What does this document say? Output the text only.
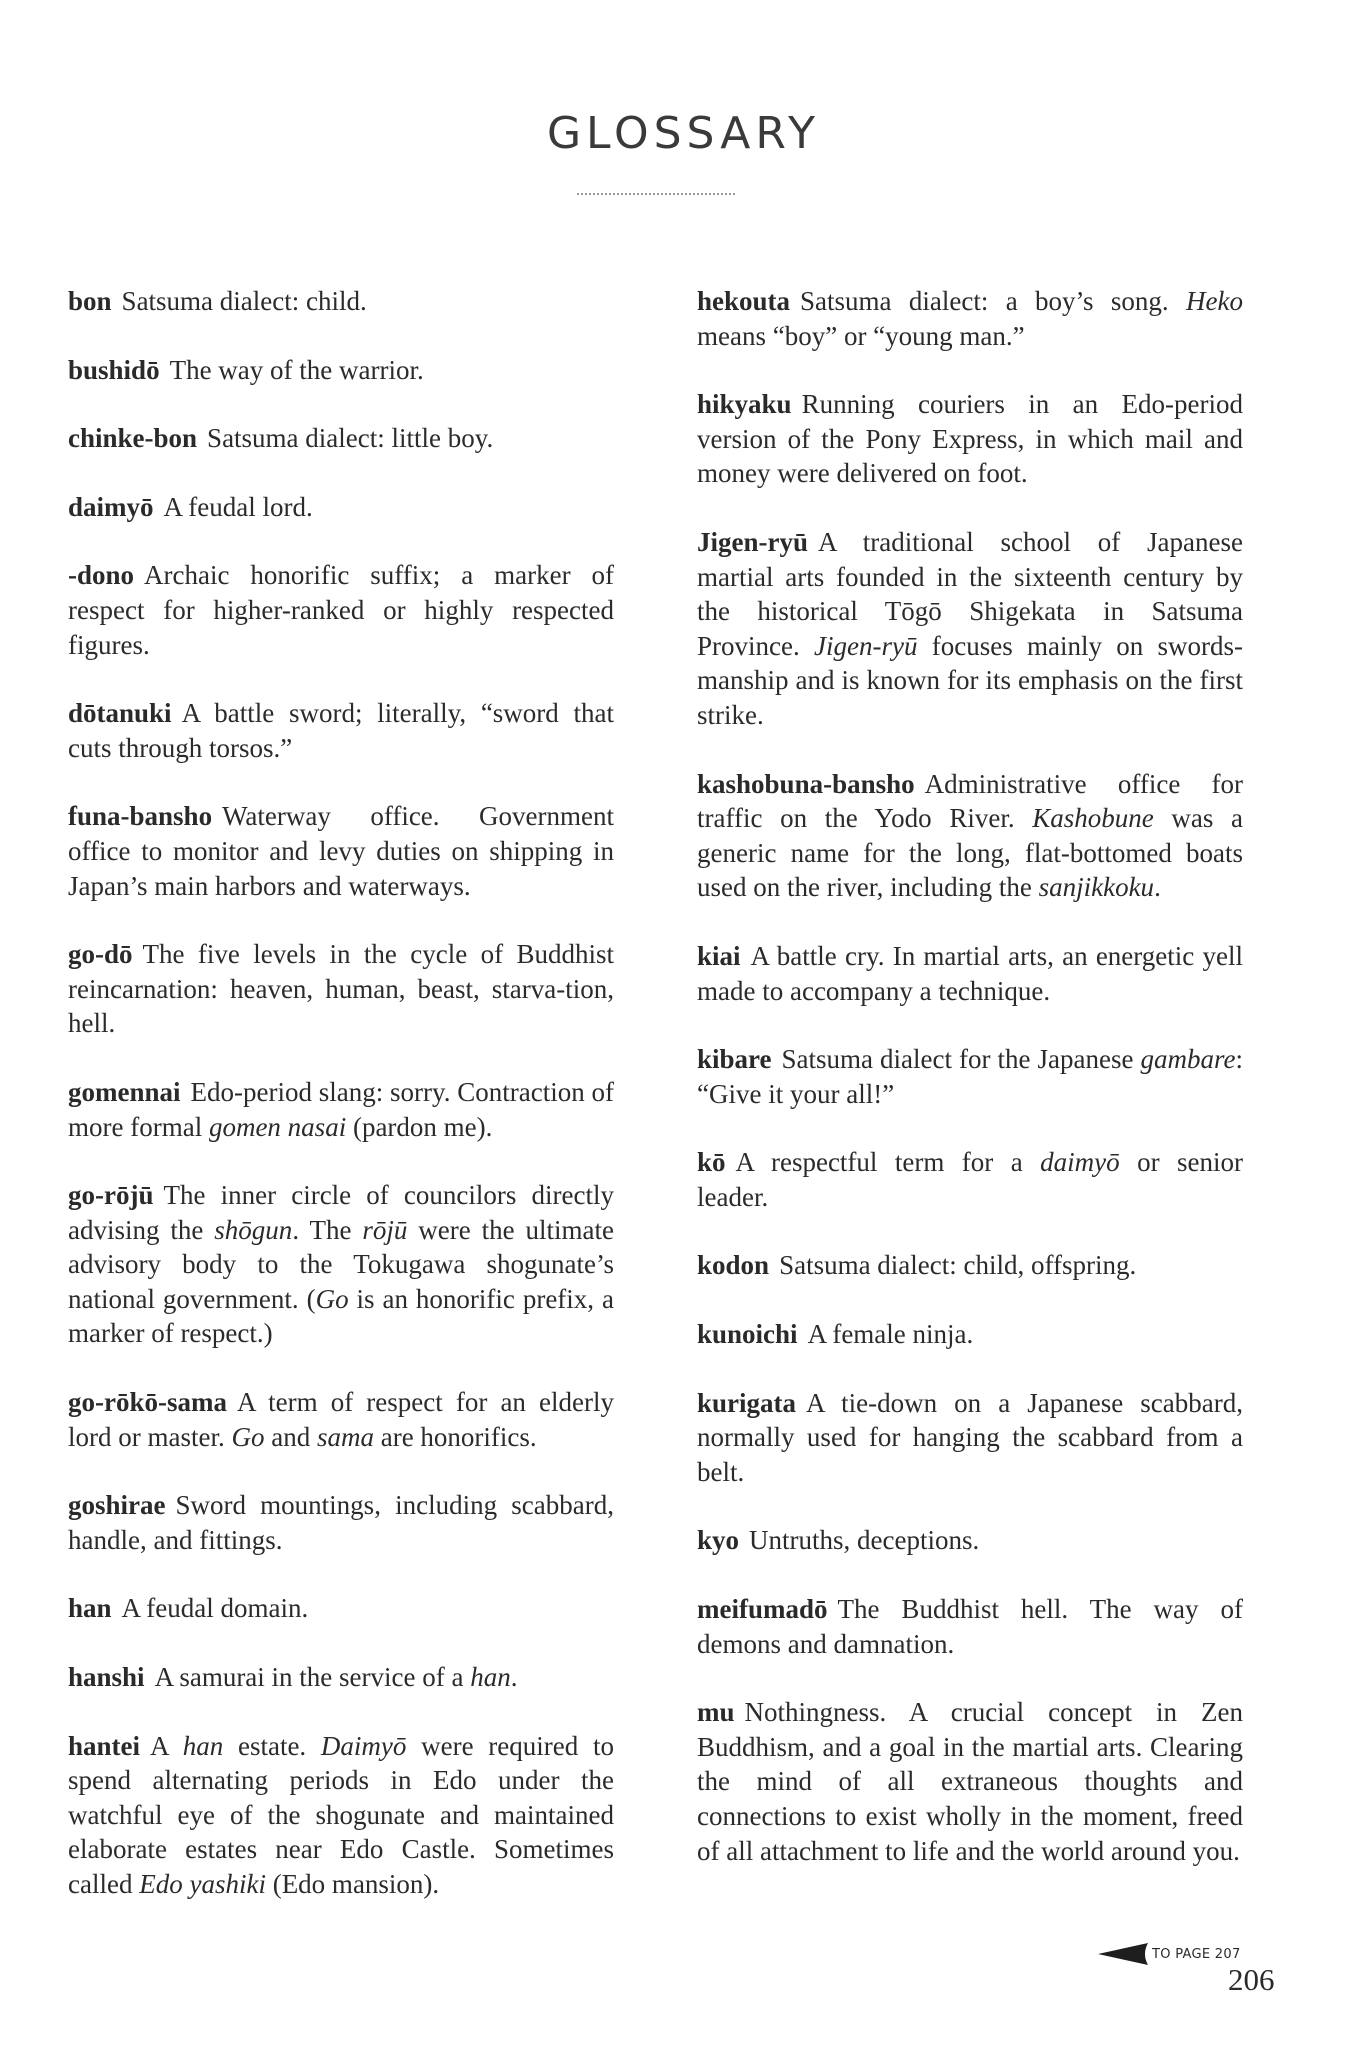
GLOSSARY

bon Satsuma dialect: child.

bushidō The way of the warrior.

chinke-bon Satsuma dialect: little boy.

daimyō A feudal lord.

-dono Archaic honorific suffix; a marker of respect for higher-ranked or highly respected figures.

dōtanuki A battle sword; literally, “sword that cuts through torsos.”

funa-bansho Waterway office. Government office to monitor and levy duties on shipping in Japan’s main harbors and waterways.

go-dō The five levels in the cycle of Buddhist reincarnation: heaven, human, beast, starva-tion, hell.

gomennai Edo-period slang: sorry. Contraction of more formal gomen nasai (pardon me).

go-rōjū The inner circle of councilors directly advising the shōgun. The rōjū were the ultimate advisory body to the Tokugawa shogunate’s national government. (Go is an honorific prefix, a marker of respect.)

go-rōkō-sama A term of respect for an elderly lord or master. Go and sama are honorifics.

goshirae Sword mountings, including scabbard, handle, and fittings.

han A feudal domain.

hanshi A samurai in the service of a han.

hantei A han estate. Daimyō were required to spend alternating periods in Edo under the watchful eye of the shogunate and maintained elaborate estates near Edo Castle. Sometimes called Edo yashiki (Edo mansion).

hekouta Satsuma dialect: a boy’s song. Heko means “boy” or “young man.”

hikyaku Running couriers in an Edo-period version of the Pony Express, in which mail and money were delivered on foot.

Jigen-ryū A traditional school of Japanese martial arts founded in the sixteenth century by the historical Tōgō Shigekata in Satsuma Province. Jigen-ryū focuses mainly on swordsmanship and is known for its emphasis on the first strike.

kashobuna-bansho Administrative office for traffic on the Yodo River. Kashobune was a generic name for the long, flat-bottomed boats used on the river, including the sanjikkoku.

kiai A battle cry. In martial arts, an energetic yell made to accompany a technique.

kibare Satsuma dialect for the Japanese gambare: “Give it your all!”

kō A respectful term for a daimyō or senior leader.

kodon Satsuma dialect: child, offspring.

kunoichi A female ninja.

kurigata A tie-down on a Japanese scabbard, normally used for hanging the scabbard from a belt.

kyo Untruths, deceptions.

meifumadō The Buddhist hell. The way of demons and damnation.

mu Nothingness. A crucial concept in Zen Buddhism, and a goal in the martial arts. Clearing the mind of all extraneous thoughts and connections to exist wholly in the moment, freed of all attachment to life and the world around you.

TO PAGE 207
206
